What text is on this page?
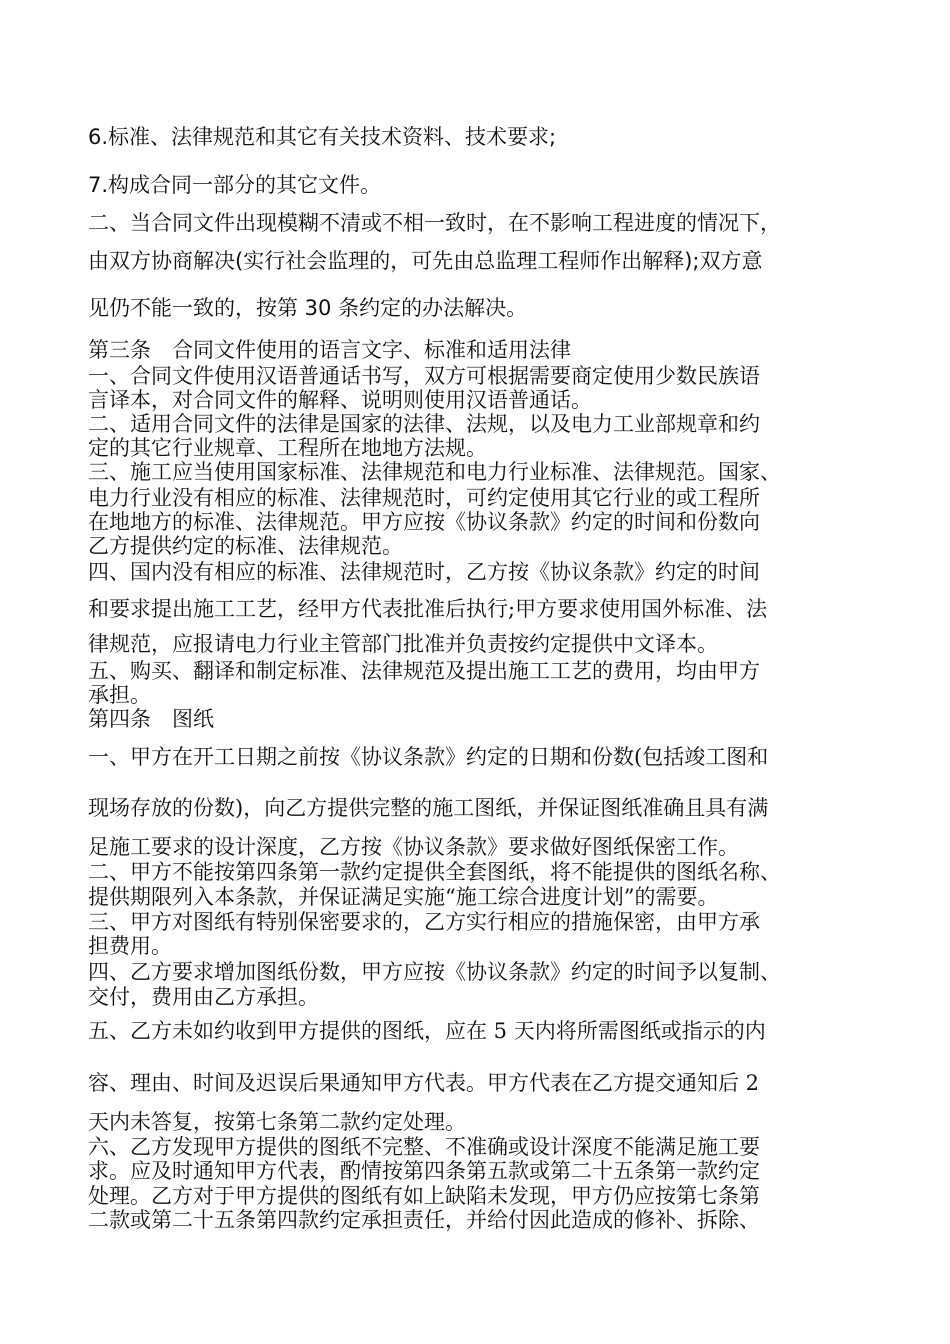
6.标准、法律规范和其它有关技术资料、技术要求;

7.构成合同一部分的其它文件。

二、当合同文件出现模糊不清或不相一致时，在不影响工程进度的情况下，

由双方协商解决(实行社会监理的，可先由总监理工程师作出解释);双方意

见仍不能一致的，按第 30 条约定的办法解决。

第三条　合同文件使用的语言文字、标准和适用法律

一、合同文件使用汉语普通话书写，双方可根据需要商定使用少数民族语

言译本，对合同文件的解释、说明则使用汉语普通话。

二、适用合同文件的法律是国家的法律、法规，以及电力工业部规章和约

定的其它行业规章、工程所在地地方法规。

三、施工应当使用国家标准、法律规范和电力行业标准、法律规范。国家、

电力行业没有相应的标准、法律规范时，可约定使用其它行业的或工程所

在地地方的标准、法律规范。甲方应按《协议条款》约定的时间和份数向

乙方提供约定的标准、法律规范。

四、国内没有相应的标准、法律规范时，乙方按《协议条款》约定的时间

和要求提出施工工艺，经甲方代表批准后执行;甲方要求使用国外标准、法

律规范，应报请电力行业主管部门批准并负责按约定提供中文译本。

五、购买、翻译和制定标准、法律规范及提出施工工艺的费用，均由甲方

承担。

第四条　图纸

一、甲方在开工日期之前按《协议条款》约定的日期和份数(包括竣工图和

现场存放的份数)，向乙方提供完整的施工图纸，并保证图纸准确且具有满

足施工要求的设计深度，乙方按《协议条款》要求做好图纸保密工作。

二、甲方不能按第四条第一款约定提供全套图纸，将不能提供的图纸名称、

提供期限列入本条款，并保证满足实施“施工综合进度计划”的需要。

三、甲方对图纸有特别保密要求的，乙方实行相应的措施保密，由甲方承

担费用。

四、乙方要求增加图纸份数，甲方应按《协议条款》约定的时间予以复制、

交付，费用由乙方承担。

五、乙方未如约收到甲方提供的图纸，应在 5 天内将所需图纸或指示的内

容、理由、时间及迟误后果通知甲方代表。甲方代表在乙方提交通知后 2

天内未答复，按第七条第二款约定处理。

六、乙方发现甲方提供的图纸不完整、不准确或设计深度不能满足施工要

求。应及时通知甲方代表，酌情按第四条第五款或第二十五条第一款约定

处理。乙方对于甲方提供的图纸有如上缺陷未发现，甲方仍应按第七条第

二款或第二十五条第四款约定承担责任，并给付因此造成的修补、拆除、
